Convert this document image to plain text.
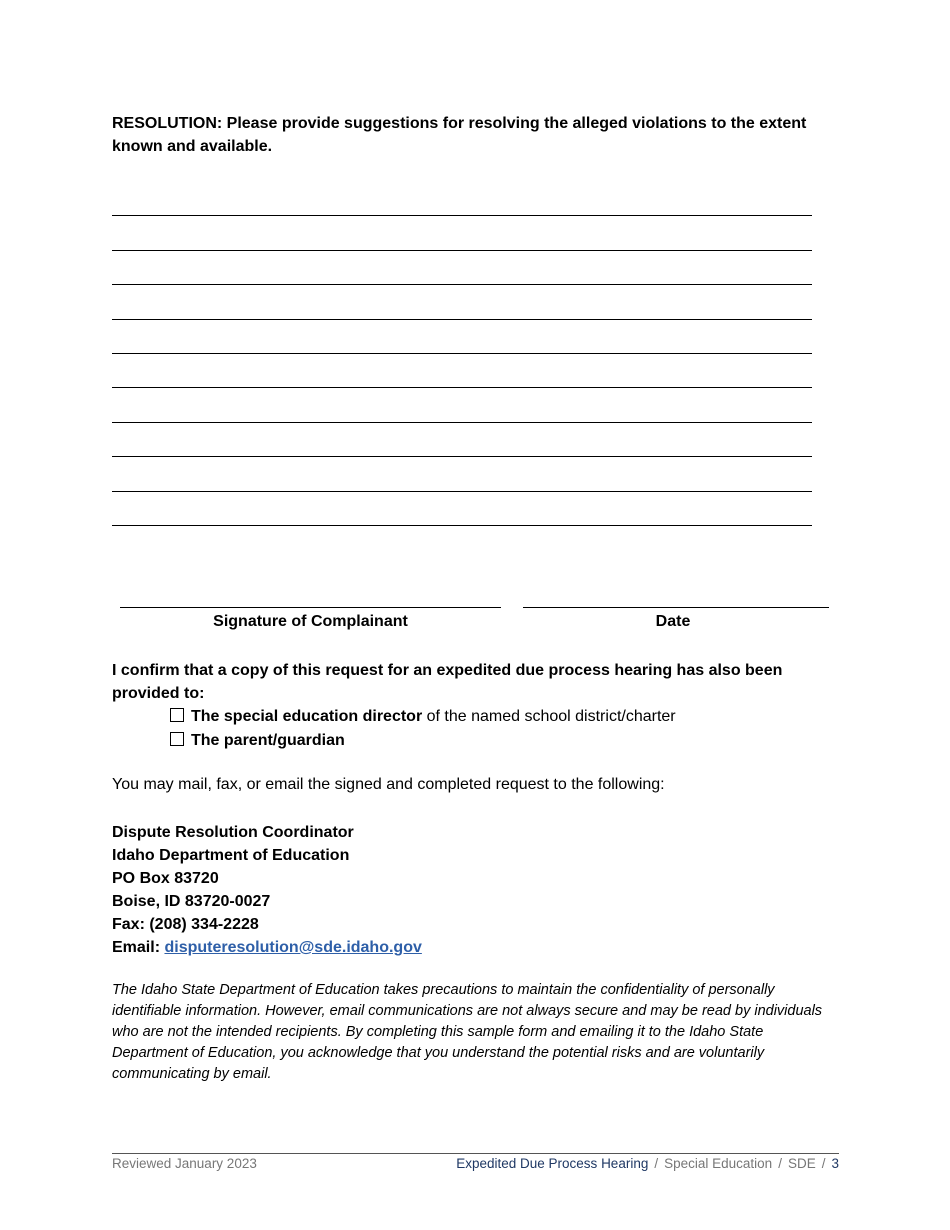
RESOLUTION: Please provide suggestions for resolving the alleged violations to the extent known and available.
Signature of Complainant	Date
I confirm that a copy of this request for an expedited due process hearing has also been provided to:
The special education director of the named school district/charter
The parent/guardian
You may mail, fax, or email the signed and completed request to the following:
Dispute Resolution Coordinator
Idaho Department of Education
PO Box 83720
Boise, ID 83720-0027
Fax: (208) 334-2228
Email: disputeresolution@sde.idaho.gov
The Idaho State Department of Education takes precautions to maintain the confidentiality of personally identifiable information. However, email communications are not always secure and may be read by individuals who are not the intended recipients. By completing this sample form and emailing it to the Idaho State Department of Education, you acknowledge that you understand the potential risks and are voluntarily communicating by email.
Reviewed January 2023	Expedited Due Process Hearing / Special Education / SDE / 3
